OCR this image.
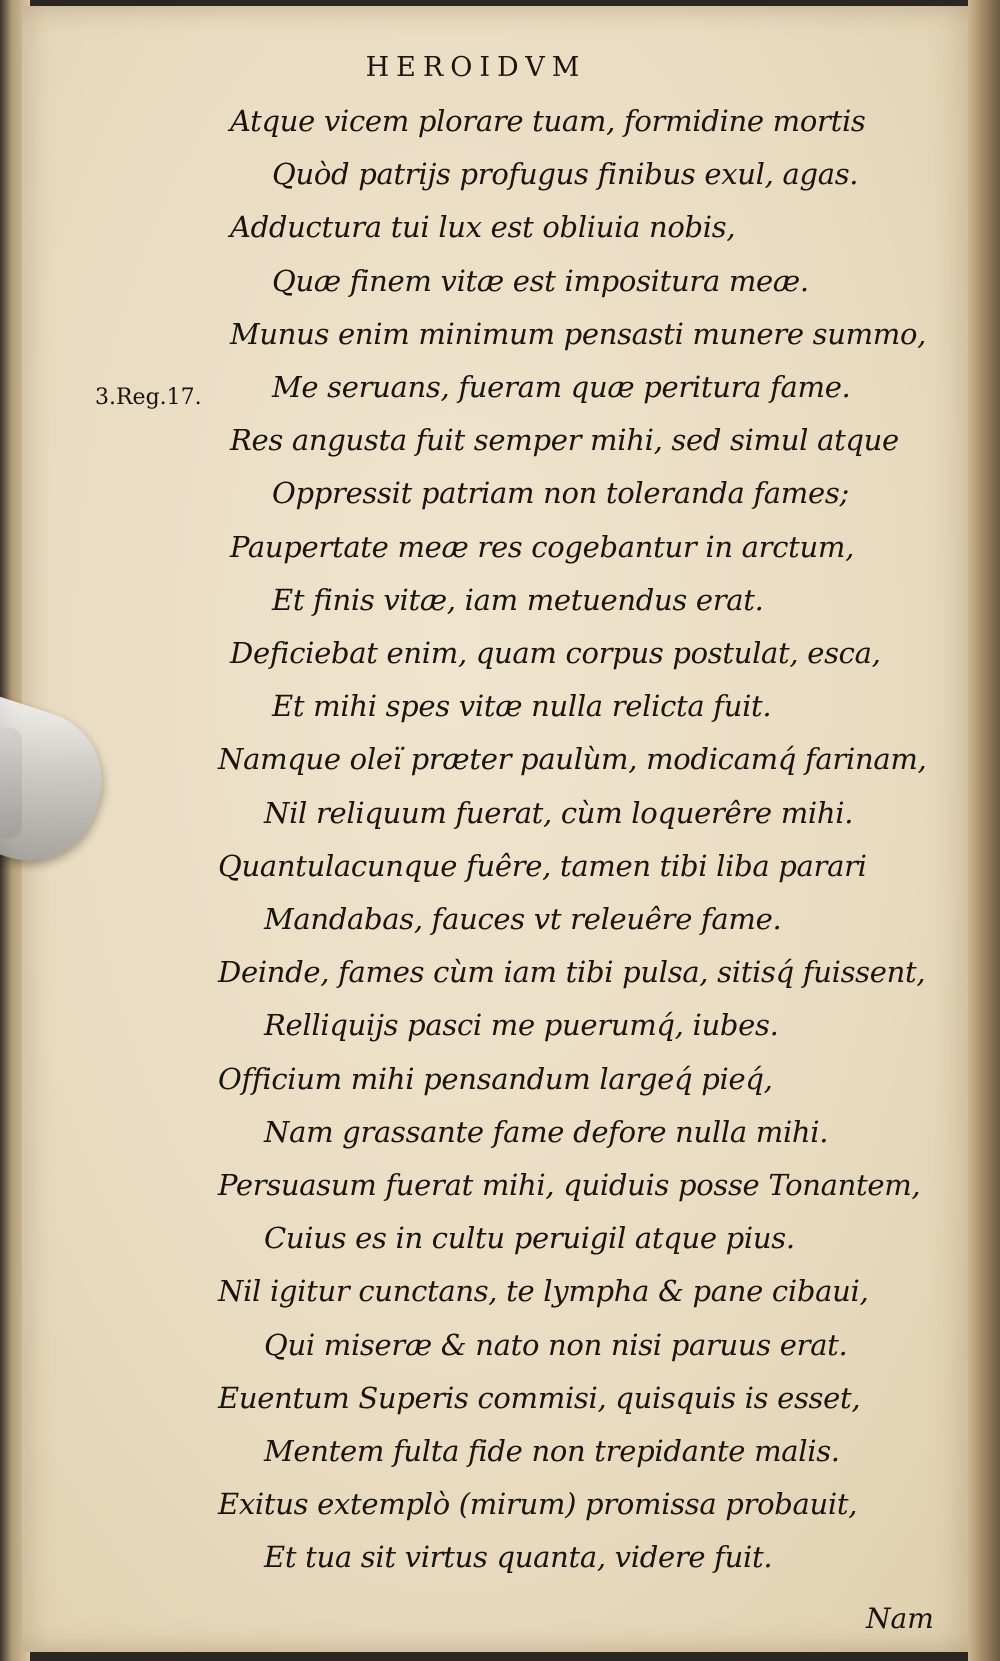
HEROIDVM
3.Reg.17.
Atque vicem plorare tuam, formidine mortis
Quòd patrijs profugus finibus exul, agas.
Adductura tui lux est obliuia nobis,
Quæ finem vitæ est impositura meæ.
Munus enim minimum pensasti munere summo,
Me seruans, fueram quæ peritura fame.
Res angusta fuit semper mihi, sed simul atque
Oppressit patriam non toleranda fames;
Paupertate meæ res cogebantur in arctum,
Et finis vitæ, iam metuendus erat.
Deficiebat enim, quam corpus postulat, esca,
Et mihi spes vitæ nulla relicta fuit.
Namque oleï præter paulùm, modicamq́ farinam,
Nil reliquum fuerat, cùm loquerêre mihi.
Quantulacunque fuêre, tamen tibi liba parari
Mandabas, fauces vt releuêre fame.
Deinde, fames cùm iam tibi pulsa, sitisq́ fuissent,
Relliquijs pasci me puerumq́, iubes.
Officium mihi pensandum largeq́ pieq́,
Nam grassante fame defore nulla mihi.
Persuasum fuerat mihi, quiduis posse Tonantem,
Cuius es in cultu peruigil atque pius.
Nil igitur cunctans, te lympha & pane cibaui,
Qui miseræ & nato non nisi paruus erat.
Euentum Superis commisi, quisquis is esset,
Mentem fulta fide non trepidante malis.
Exitus extemplò (mirum) promissa probauit,
Et tua sit virtus quanta, videre fuit.
Nam
